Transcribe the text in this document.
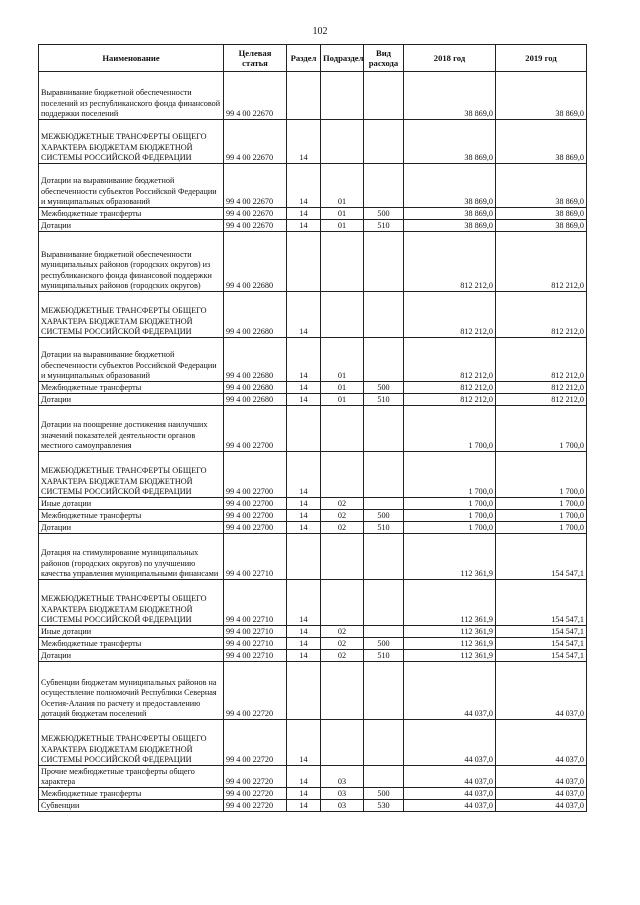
102
Наименование	Целевая статья	Раздел	Подраздел	Вид расхода	2018 год	2019 год
Выравнивание бюджетной обеспеченности поселений из республиканского фонда финансовой поддержки поселений	99 4 00 22670				38 869,0	38 869,0
МЕЖБЮДЖЕТНЫЕ ТРАНСФЕРТЫ ОБЩЕГО ХАРАКТЕРА БЮДЖЕТАМ БЮДЖЕТНОЙ СИСТЕМЫ РОССИЙСКОЙ ФЕДЕРАЦИИ	99 4 00 22670	14			38 869,0	38 869,0
Дотации на выравнивание бюджетной обеспеченности субъектов Российской Федерации и муниципальных образований	99 4 00 22670	14	01		38 869,0	38 869,0
Межбюджетные трансферты	99 4 00 22670	14	01	500	38 869,0	38 869,0
Дотации	99 4 00 22670	14	01	510	38 869,0	38 869,0
Выравнивание бюджетной обеспеченности муниципальных районов (городских округов) из республиканского фонда финансовой поддержки муниципальных районов (городских округов)	99 4 00 22680				812 212,0	812 212,0
МЕЖБЮДЖЕТНЫЕ ТРАНСФЕРТЫ ОБЩЕГО ХАРАКТЕРА БЮДЖЕТАМ БЮДЖЕТНОЙ СИСТЕМЫ РОССИЙСКОЙ ФЕДЕРАЦИИ	99 4 00 22680	14			812 212,0	812 212,0
Дотации на выравнивание бюджетной обеспеченности субъектов Российской Федерации и муниципальных образований	99 4 00 22680	14	01		812 212,0	812 212,0
Межбюджетные трансферты	99 4 00 22680	14	01	500	812 212,0	812 212,0
Дотации	99 4 00 22680	14	01	510	812 212,0	812 212,0
Дотации на поощрение достижения наилучших значений показателей деятельности органов местного самоуправления	99 4 00 22700				1 700,0	1 700,0
МЕЖБЮДЖЕТНЫЕ ТРАНСФЕРТЫ ОБЩЕГО ХАРАКТЕРА БЮДЖЕТАМ БЮДЖЕТНОЙ СИСТЕМЫ РОССИЙСКОЙ ФЕДЕРАЦИИ	99 4 00 22700	14			1 700,0	1 700,0
Иные дотации	99 4 00 22700	14	02		1 700,0	1 700,0
Межбюджетные трансферты	99 4 00 22700	14	02	500	1 700,0	1 700,0
Дотации	99 4 00 22700	14	02	510	1 700,0	1 700,0
Дотация на стимулирование муниципальных районов (городских округов) по улучшению качества управления муниципальными финансами	99 4 00 22710				112 361,9	154 547,1
МЕЖБЮДЖЕТНЫЕ ТРАНСФЕРТЫ ОБЩЕГО ХАРАКТЕРА БЮДЖЕТАМ БЮДЖЕТНОЙ СИСТЕМЫ РОССИЙСКОЙ ФЕДЕРАЦИИ	99 4 00 22710	14			112 361,9	154 547,1
Иные дотации	99 4 00 22710	14	02		112 361,9	154 547,1
Межбюджетные трансферты	99 4 00 22710	14	02	500	112 361,9	154 547,1
Дотации	99 4 00 22710	14	02	510	112 361,9	154 547,1
Субвенции бюджетам муниципальных районов на осуществление полномочий Республики Северная Осетия-Алания по расчету и предоставлению дотаций бюджетам поселений	99 4 00 22720				44 037,0	44 037,0
МЕЖБЮДЖЕТНЫЕ ТРАНСФЕРТЫ ОБЩЕГО ХАРАКТЕРА БЮДЖЕТАМ БЮДЖЕТНОЙ СИСТЕМЫ РОССИЙСКОЙ ФЕДЕРАЦИИ	99 4 00 22720	14			44 037,0	44 037,0
Прочие межбюджетные трансферты общего характера	99 4 00 22720	14	03		44 037,0	44 037,0
Межбюджетные трансферты	99 4 00 22720	14	03	500	44 037,0	44 037,0
Субвенции	99 4 00 22720	14	03	530	44 037,0	44 037,0
